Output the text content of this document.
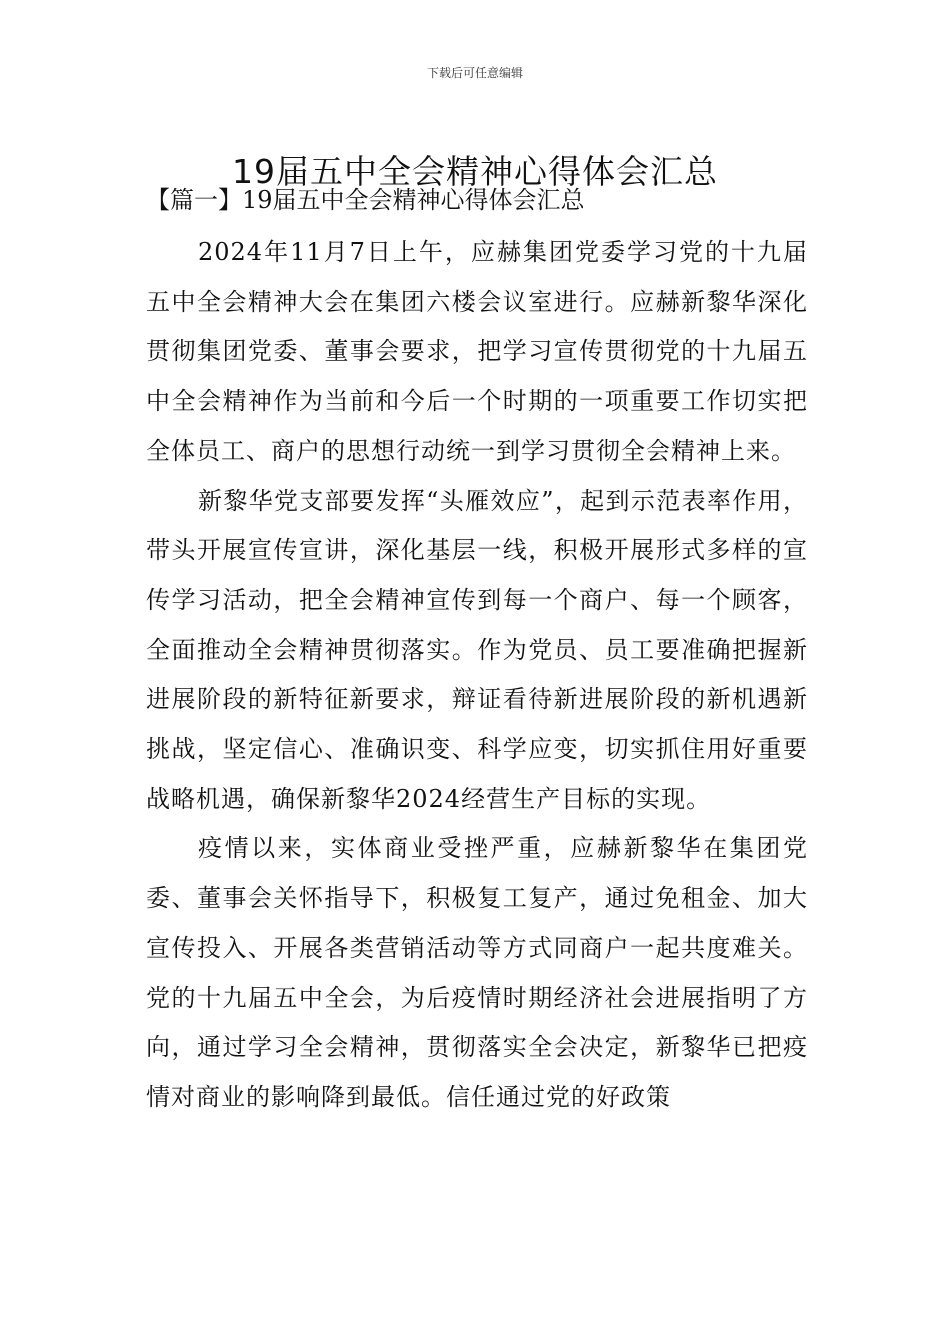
下载后可任意编辑
19届五中全会精神心得体会汇总
【篇一】19届五中全会精神心得体会汇总

2024年11月7日上午，应赫集团党委学习党的十九届五中全会精神大会在集团六楼会议室进行。应赫新黎华深化贯彻集团党委、董事会要求，把学习宣传贯彻党的十九届五中全会精神作为当前和今后一个时期的一项重要工作切实把全体员工、商户的思想行动统一到学习贯彻全会精神上来。

新黎华党支部要发挥“头雁效应”，起到示范表率作用，带头开展宣传宣讲，深化基层一线，积极开展形式多样的宣传学习活动，把全会精神宣传到每一个商户、每一个顾客，全面推动全会精神贯彻落实。作为党员、员工要准确把握新进展阶段的新特征新要求，辩证看待新进展阶段的新机遇新挑战，坚定信心、准确识变、科学应变，切实抓住用好重要战略机遇，确保新黎华2024经营生产目标的实现。

疫情以来，实体商业受挫严重，应赫新黎华在集团党委、董事会关怀指导下，积极复工复产，通过免租金、加大宣传投入、开展各类营销活动等方式同商户一起共度难关。党的十九届五中全会，为后疫情时期经济社会进展指明了方向，通过学习全会精神，贯彻落实全会决定，新黎华已把疫情对商业的影响降到最低。信任通过党的好政策
